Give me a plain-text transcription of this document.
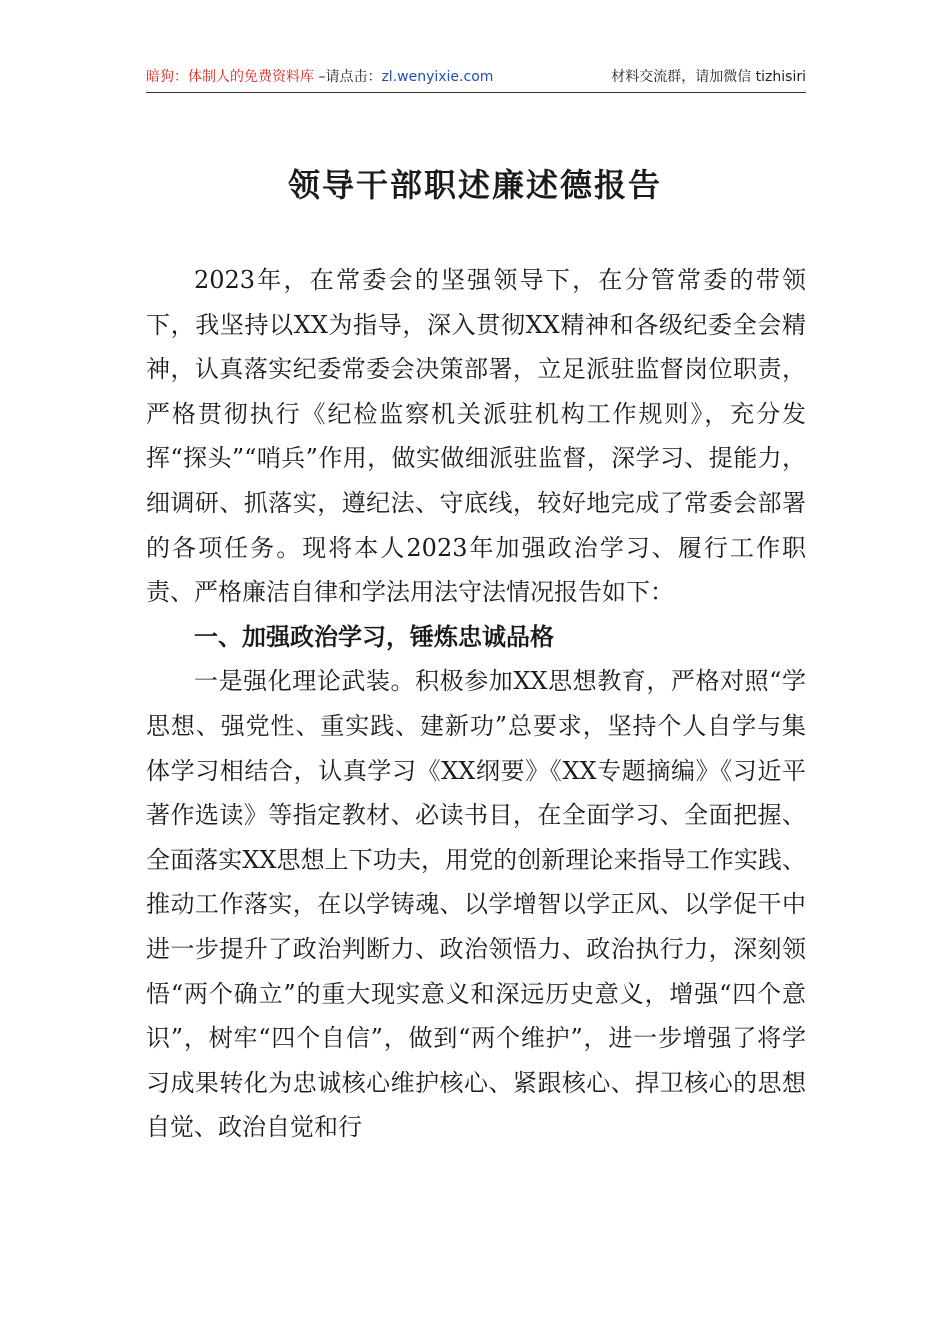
暗狗：体制人的免费资料库 –请点击：zl.wenyixie.com	材料交流群，请加微信 tizhisiri
领导干部职述廉述德报告

2023年，在常委会的坚强领导下，在分管常委的带领下，我坚持以XX为指导，深入贯彻XX精神和各级纪委全会精神，认真落实纪委常委会决策部署，立足派驻监督岗位职责，严格贯彻执行《纪检监察机关派驻机构工作规则》，充分发挥“探头”“哨兵”作用，做实做细派驻监督，深学习、提能力，细调研、抓落实，遵纪法、守底线，较好地完成了常委会部署的各项任务。现将本人2023年加强政治学习、履行工作职责、严格廉洁自律和学法用法守法情况报告如下：

一、加强政治学习，锤炼忠诚品格

一是强化理论武装。积极参加XX思想教育，严格对照“学思想、强党性、重实践、建新功”总要求，坚持个人自学与集体学习相结合，认真学习《XX纲要》《XX专题摘编》《习近平著作选读》等指定教材、必读书目，在全面学习、全面把握、全面落实XX思想上下功夫，用党的创新理论来指导工作实践、推动工作落实，在以学铸魂、以学增智以学正风、以学促干中进一步提升了政治判断力、政治领悟力、政治执行力，深刻领悟“两个确立”的重大现实意义和深远历史意义，增强“四个意识”，树牢“四个自信”，做到“两个维护”，进一步增强了将学习成果转化为忠诚核心维护核心、紧跟核心、捍卫核心的思想自觉、政治自觉和行
